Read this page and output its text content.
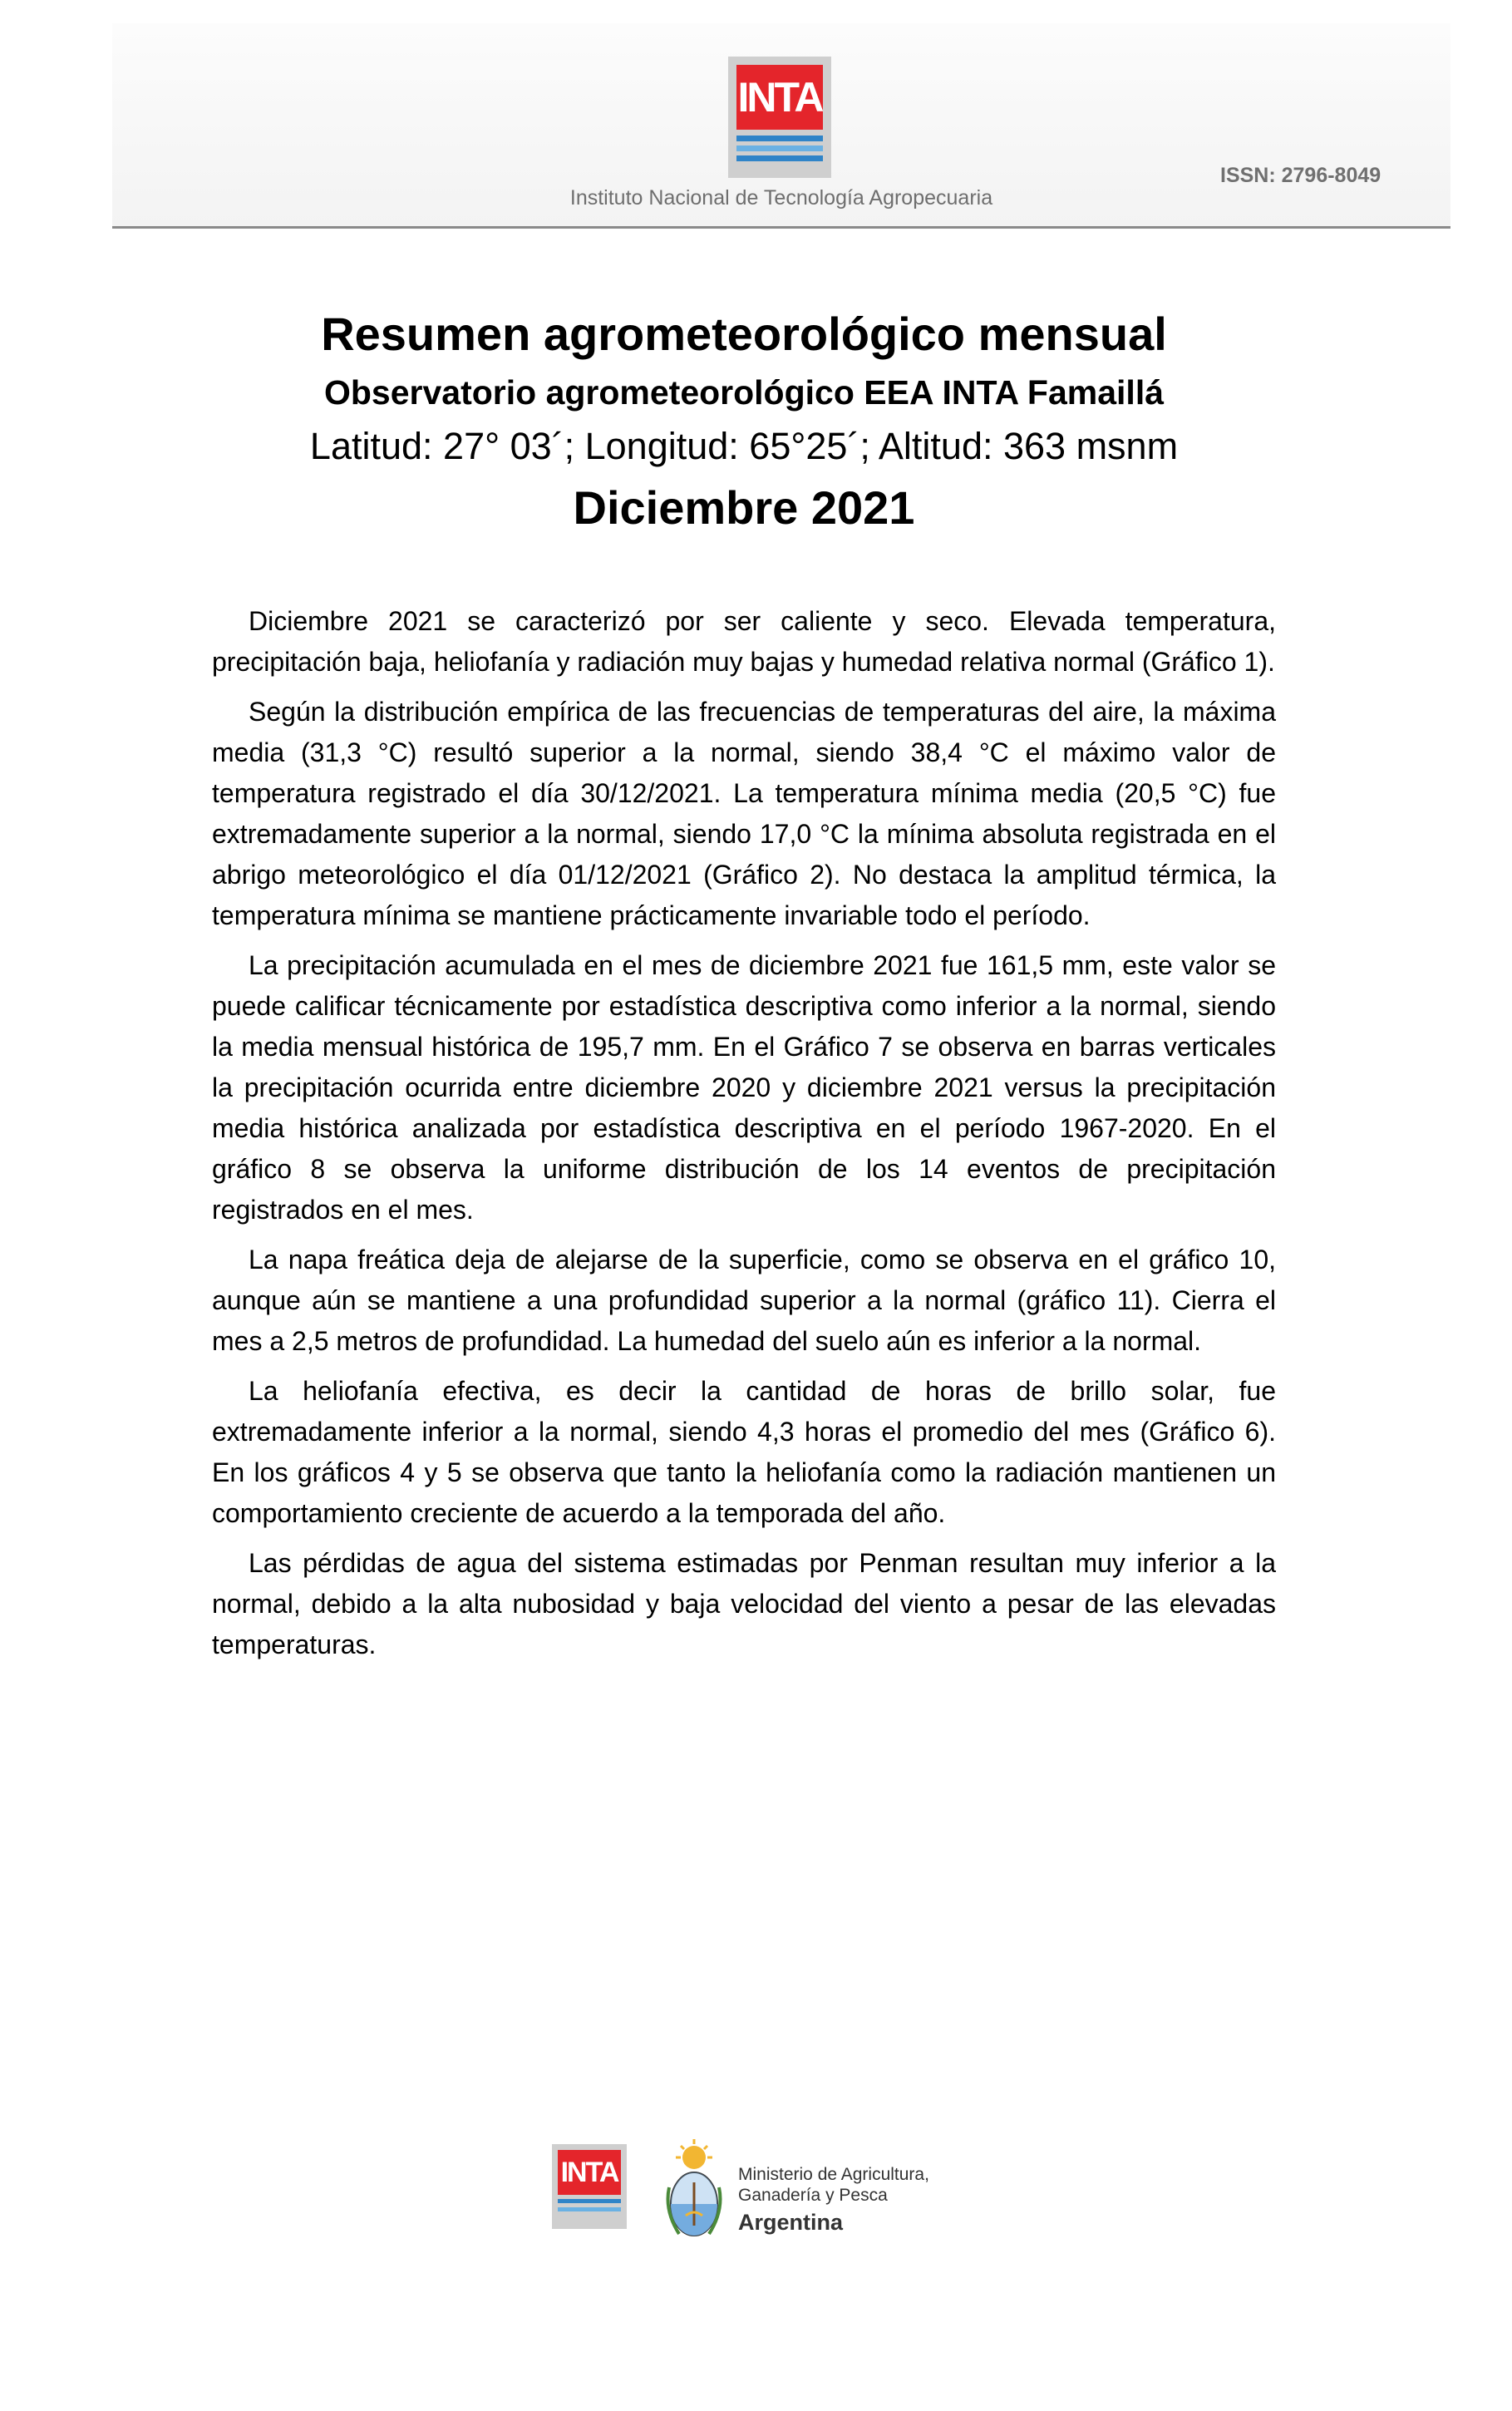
INTA
Instituto Nacional de Tecnología Agropecuaria
ISSN: 2796-8049
Resumen agrometeorológico mensual
Observatorio agrometeorológico EEA INTA Famaillá
Latitud: 27° 03´; Longitud: 65°25´; Altitud: 363 msnm
Diciembre 2021

Diciembre 2021 se caracterizó por ser caliente y seco. Elevada temperatura, precipitación baja, heliofanía y radiación muy bajas y humedad relativa normal (Gráfico 1).

Según la distribución empírica de las frecuencias de temperaturas del aire, la máxima media (31,3 °C) resultó superior a la normal, siendo 38,4 °C el máximo valor de temperatura registrado el día 30/12/2021. La temperatura mínima media (20,5 °C) fue extremadamente superior a la normal, siendo 17,0 °C la mínima absoluta registrada en el abrigo meteorológico el día 01/12/2021 (Gráfico 2). No destaca la amplitud térmica, la temperatura mínima se mantiene prácticamente invariable todo el período.

La precipitación acumulada en el mes de diciembre 2021 fue 161,5 mm, este valor se puede calificar técnicamente por estadística descriptiva como inferior a la normal, siendo la media mensual histórica de 195,7 mm. En el Gráfico 7 se observa en barras verticales la precipitación ocurrida entre diciembre 2020 y diciembre 2021 versus la precipitación media histórica analizada por estadística descriptiva en el período 1967-2020. En el gráfico 8 se observa la uniforme distribución de los 14 eventos de precipitación registrados en el mes.

La napa freática deja de alejarse de la superficie, como se observa en el gráfico 10, aunque aún se mantiene a una profundidad superior a la normal (gráfico 11). Cierra el mes a 2,5 metros de profundidad. La humedad del suelo aún es inferior a la normal.

La heliofanía efectiva, es decir la cantidad de horas de brillo solar, fue extremadamente inferior a la normal, siendo 4,3 horas el promedio del mes (Gráfico 6). En los gráficos 4 y 5 se observa que tanto la heliofanía como la radiación mantienen un comportamiento creciente de acuerdo a la temporada del año.

Las pérdidas de agua del sistema estimadas por Penman resultan muy inferior a la normal, debido a la alta nubosidad y baja velocidad del viento a pesar de las elevadas temperaturas.

INTA	Ministerio de Agricultura,
Ganadería y Pesca
Argentina
